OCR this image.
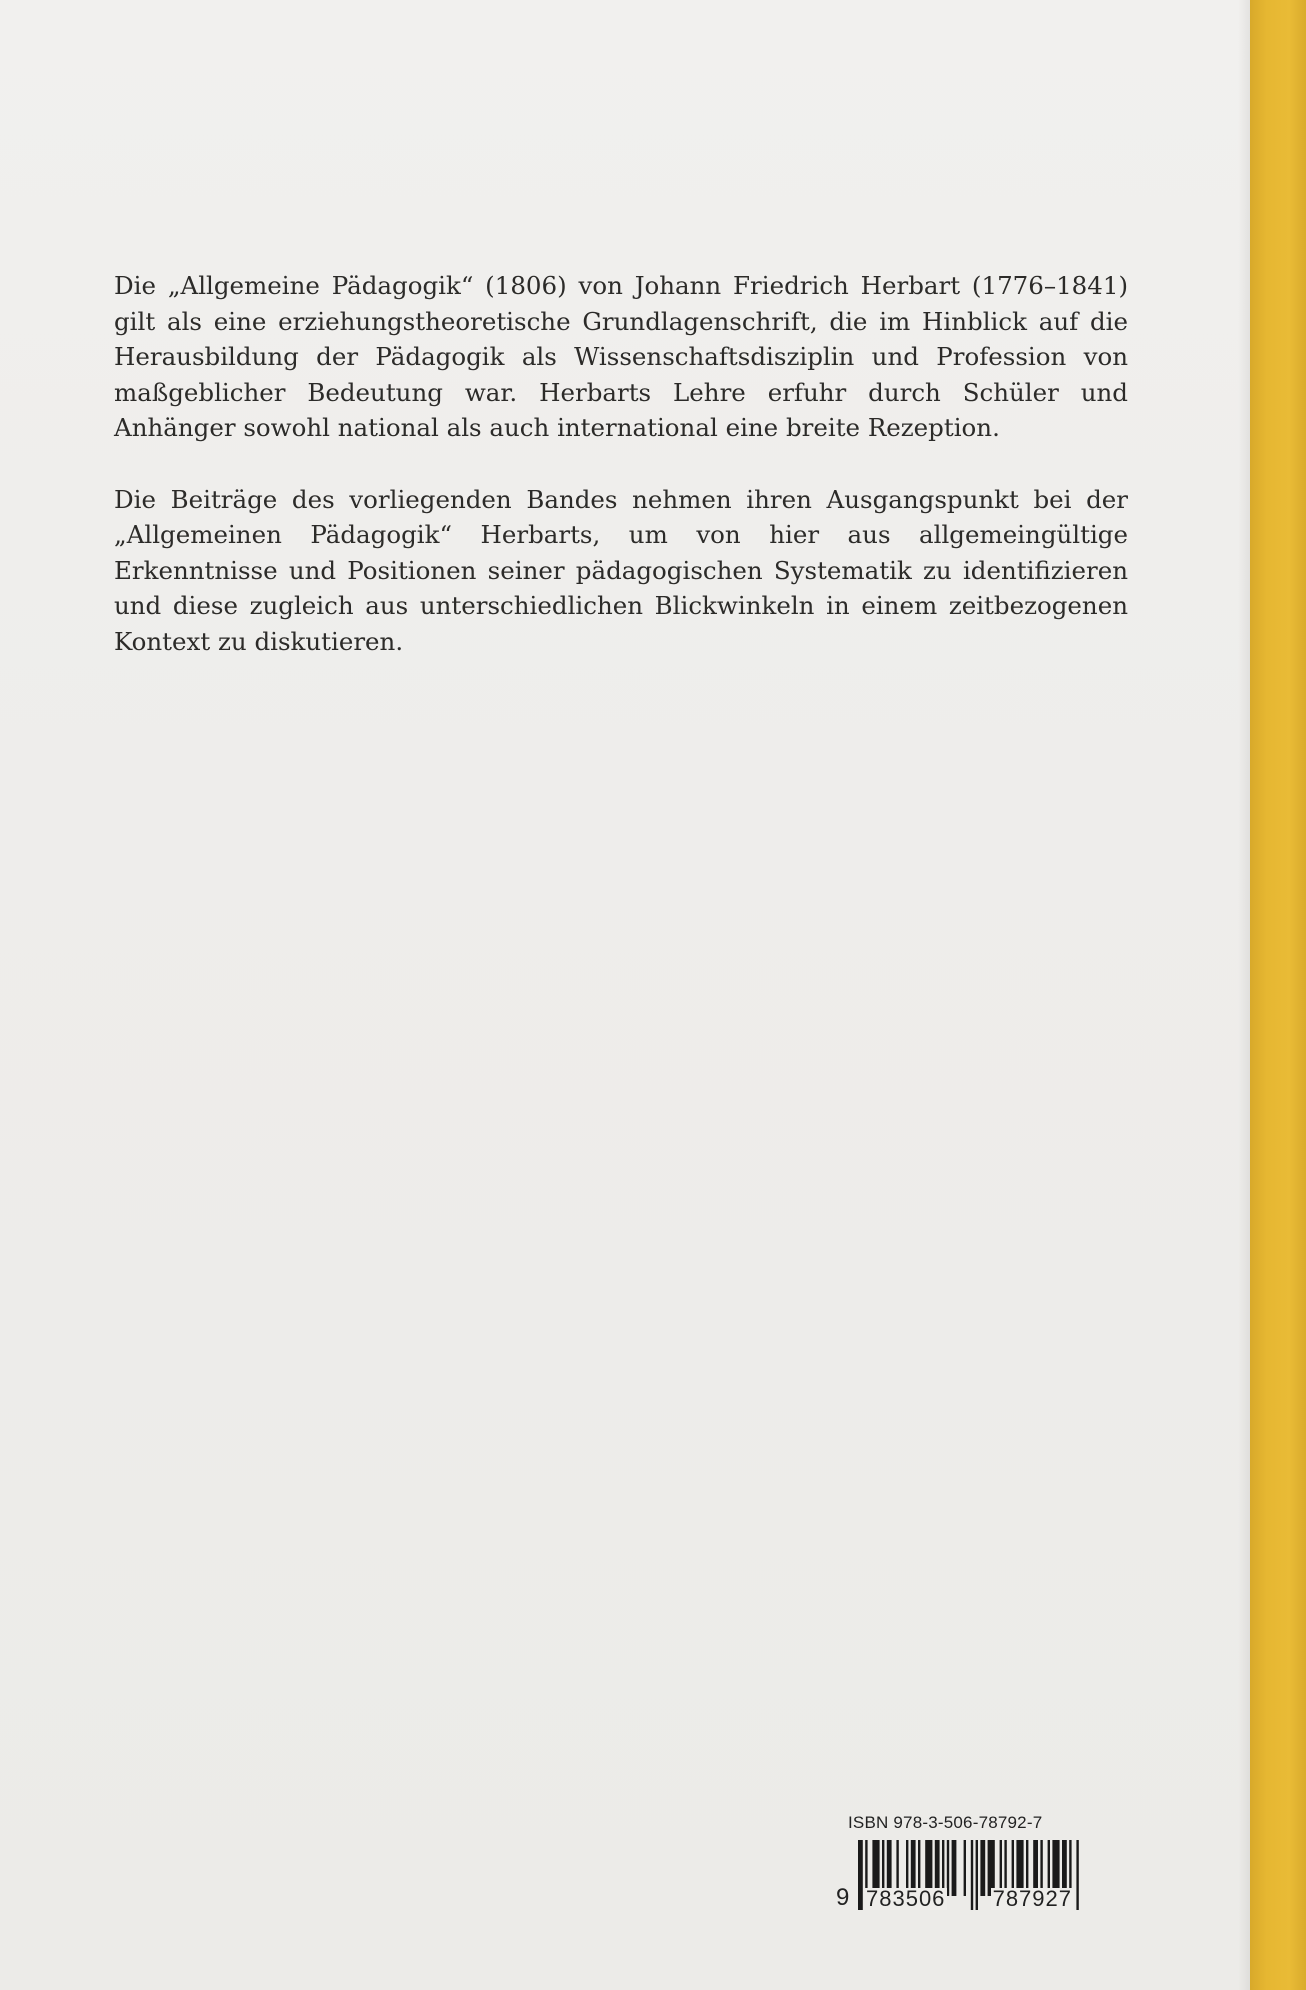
Die „Allgemeine Pädagogik“ (1806) von Johann Friedrich Herbart (1776–1841) gilt als eine erziehungstheoretische Grundlagenschrift, die im Hinblick auf die Herausbildung der Pädagogik als Wissenschaftsdisziplin und Profession von maßgeblicher Bedeutung war. Herbarts Lehre erfuhr durch Schüler und Anhänger sowohl national als auch international eine breite Rezeption.

Die Beiträge des vorliegenden Bandes nehmen ihren Ausgangspunkt bei der „Allgemeinen Pädagogik“ Herbarts, um von hier aus allgemeingültige Erkenntnisse und Positionen seiner pädagogischen Systematik zu identifizieren und diese zugleich aus unterschiedlichen Blickwinkeln in einem zeitbezogenen Kontext zu diskutieren.

ISBN 978-3-506-78792-7
9 783506 787927
